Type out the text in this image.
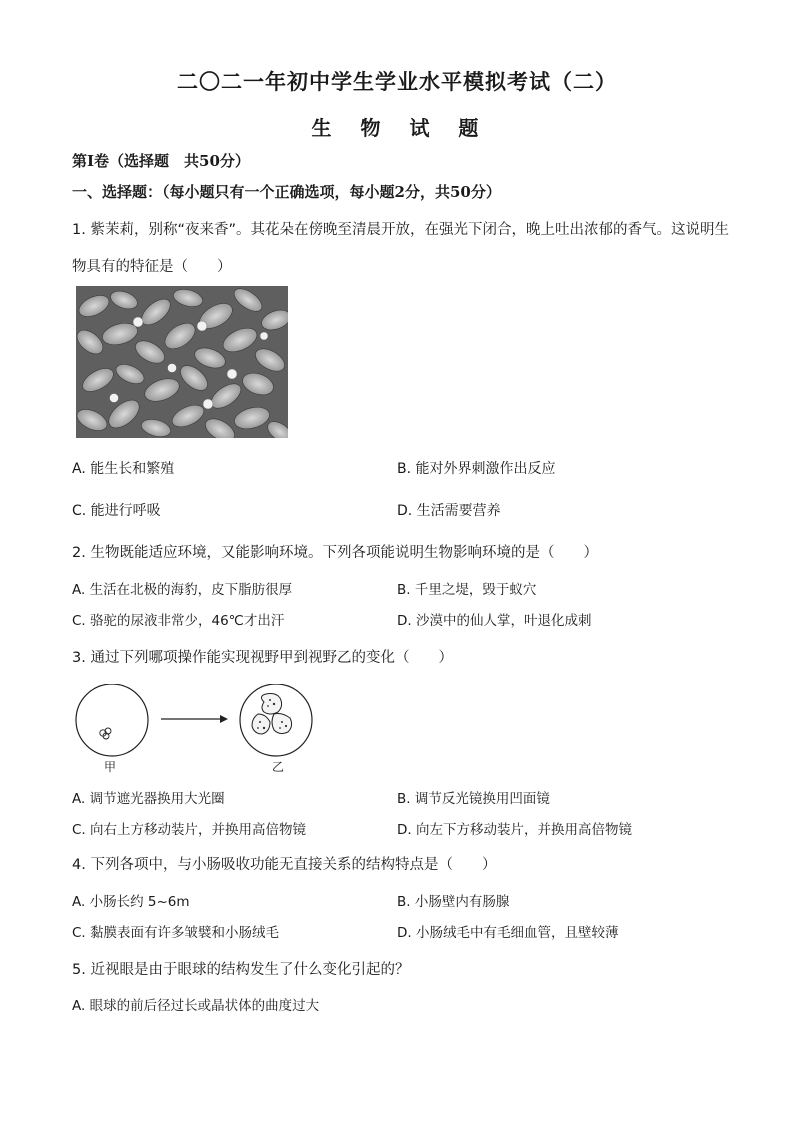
二〇二一年初中学生学业水平模拟考试（二）
生 物 试 题
第Ⅰ卷（选择题　共50分）
一、选择题：（每小题只有一个正确选项，每小题2分，共50分）
1. 紫茉莉，别称“夜来香”。其花朵在傍晚至清晨开放，在强光下闭合，晚上吐出浓郁的香气。这说明生
物具有的特征是（　　）
A. 能生长和繁殖	B. 能对外界刺激作出反应
C. 能进行呼吸	D. 生活需要营养
2. 生物既能适应环境，又能影响环境。下列各项能说明生物影响环境的是（　　）
A. 生活在北极的海豹，皮下脂肪很厚	B. 千里之堤，毁于蚁穴
C. 骆驼的尿液非常少，46℃才出汗	D. 沙漠中的仙人掌，叶退化成刺
3. 通过下列哪项操作能实现视野甲到视野乙的变化（　　）
甲	乙
A. 调节遮光器换用大光圈	B. 调节反光镜换用凹面镜
C. 向右上方移动装片，并换用高倍物镜	D. 向左下方移动装片，并换用高倍物镜
4. 下列各项中，与小肠吸收功能无直接关系的结构特点是（　　）
A. 小肠长约 5~6m	B. 小肠壁内有肠腺
C. 黏膜表面有许多皱襞和小肠绒毛	D. 小肠绒毛中有毛细血管，且壁较薄
5. 近视眼是由于眼球的结构发生了什么变化引起的？
A. 眼球的前后径过长或晶状体的曲度过大
